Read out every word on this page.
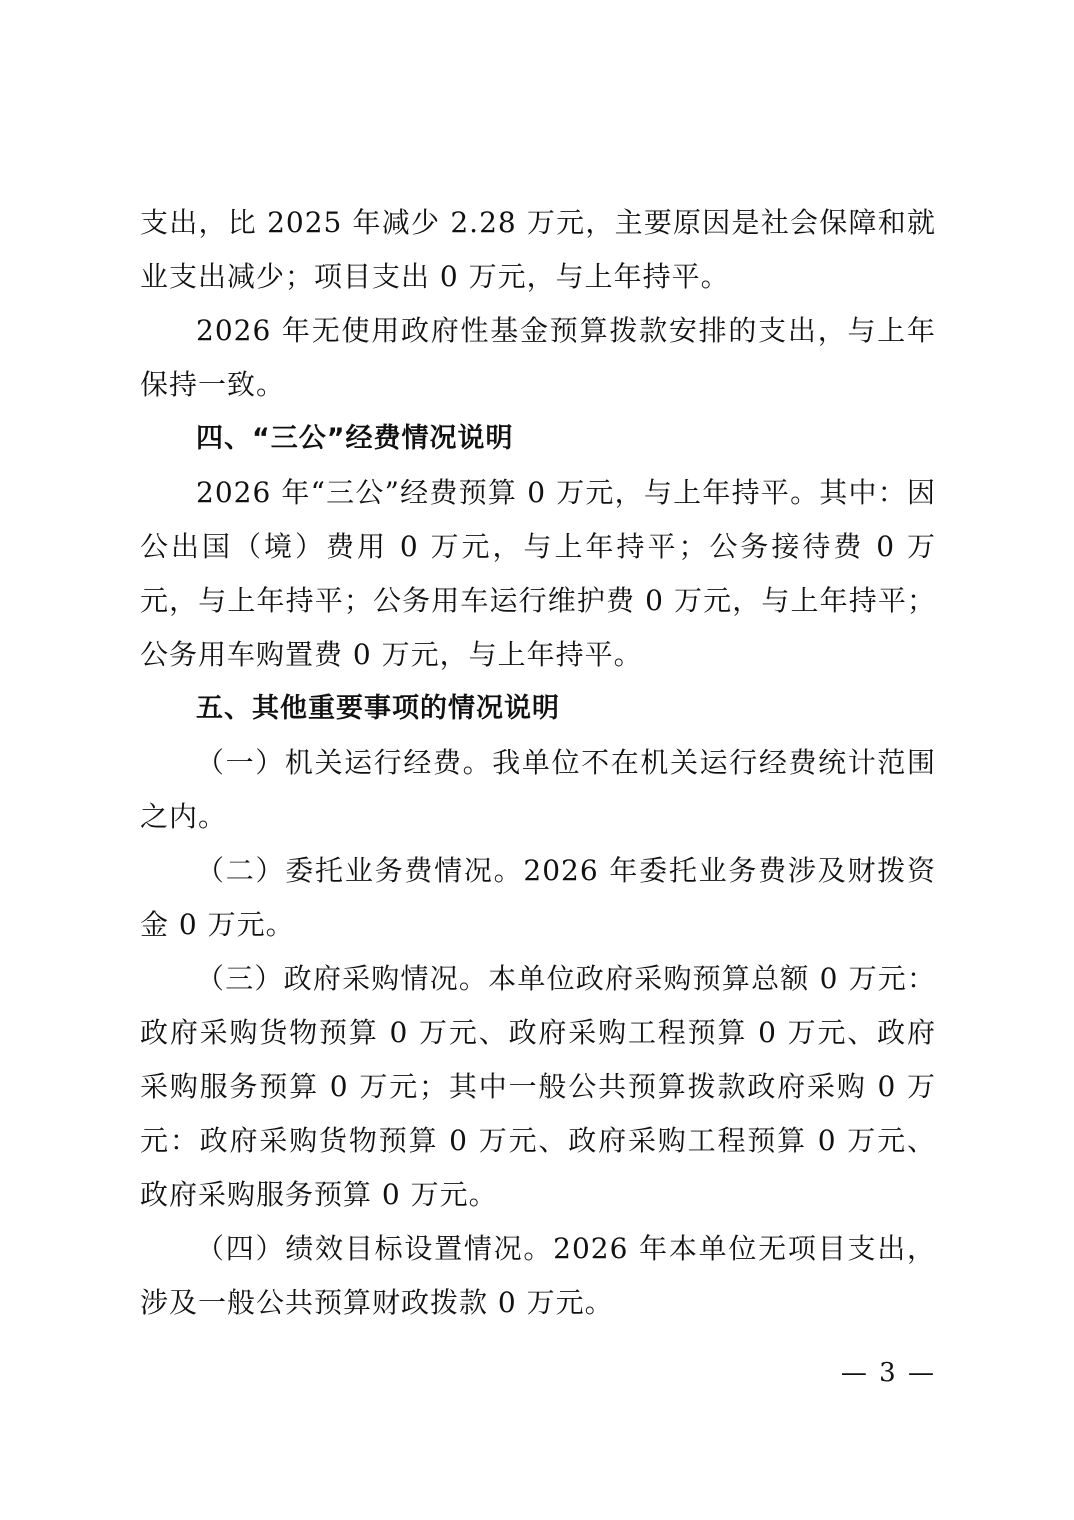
支出，比 2025 年减少 2.28 万元，主要原因是社会保障和就业支出减少；项目支出 0 万元，与上年持平。

2026 年无使用政府性基金预算拨款安排的支出，与上年保持一致。

四、“三公”经费情况说明

2026 年“三公”经费预算 0 万元，与上年持平。其中：因公出国（境）费用 0 万元，与上年持平；公务接待费 0 万元，与上年持平；公务用车运行维护费 0 万元，与上年持平；公务用车购置费 0 万元，与上年持平。

五、其他重要事项的情况说明

（一）机关运行经费。我单位不在机关运行经费统计范围之内。

（二）委托业务费情况。2026 年委托业务费涉及财拨资金 0 万元。

（三）政府采购情况。本单位政府采购预算总额 0 万元：政府采购货物预算 0 万元、政府采购工程预算 0 万元、政府采购服务预算 0 万元；其中一般公共预算拨款政府采购 0 万元：政府采购货物预算 0 万元、政府采购工程预算 0 万元、政府采购服务预算 0 万元。

（四）绩效目标设置情况。2026 年本单位无项目支出，涉及一般公共预算财政拨款 0 万元。

— 3 —
